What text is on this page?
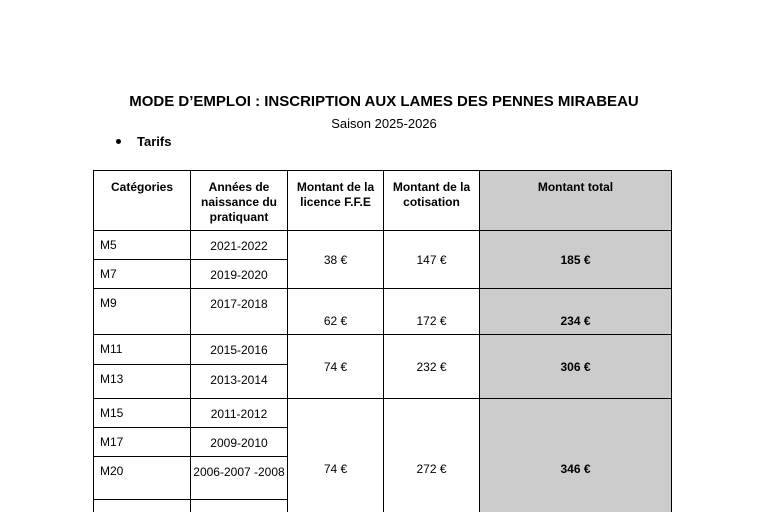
MODE D’EMPLOI : INSCRIPTION AUX LAMES DES PENNES MIRABEAU
Saison 2025-2026
Tarifs
Catégories	Années de naissance du pratiquant	Montant de la licence F.F.E	Montant de la cotisation	Montant total
M5	2021-2022	38 €	147 €	185 €
M7	2019-2020			
M9	2017-2018	62 €	172 €	234 €
M11	2015-2016	74 €	232 €	306 €
M13	2013-2014			
M15	2011-2012	74 €	272 €	346 €
M17	2009-2010			
M20	2006-2007 -2008			
